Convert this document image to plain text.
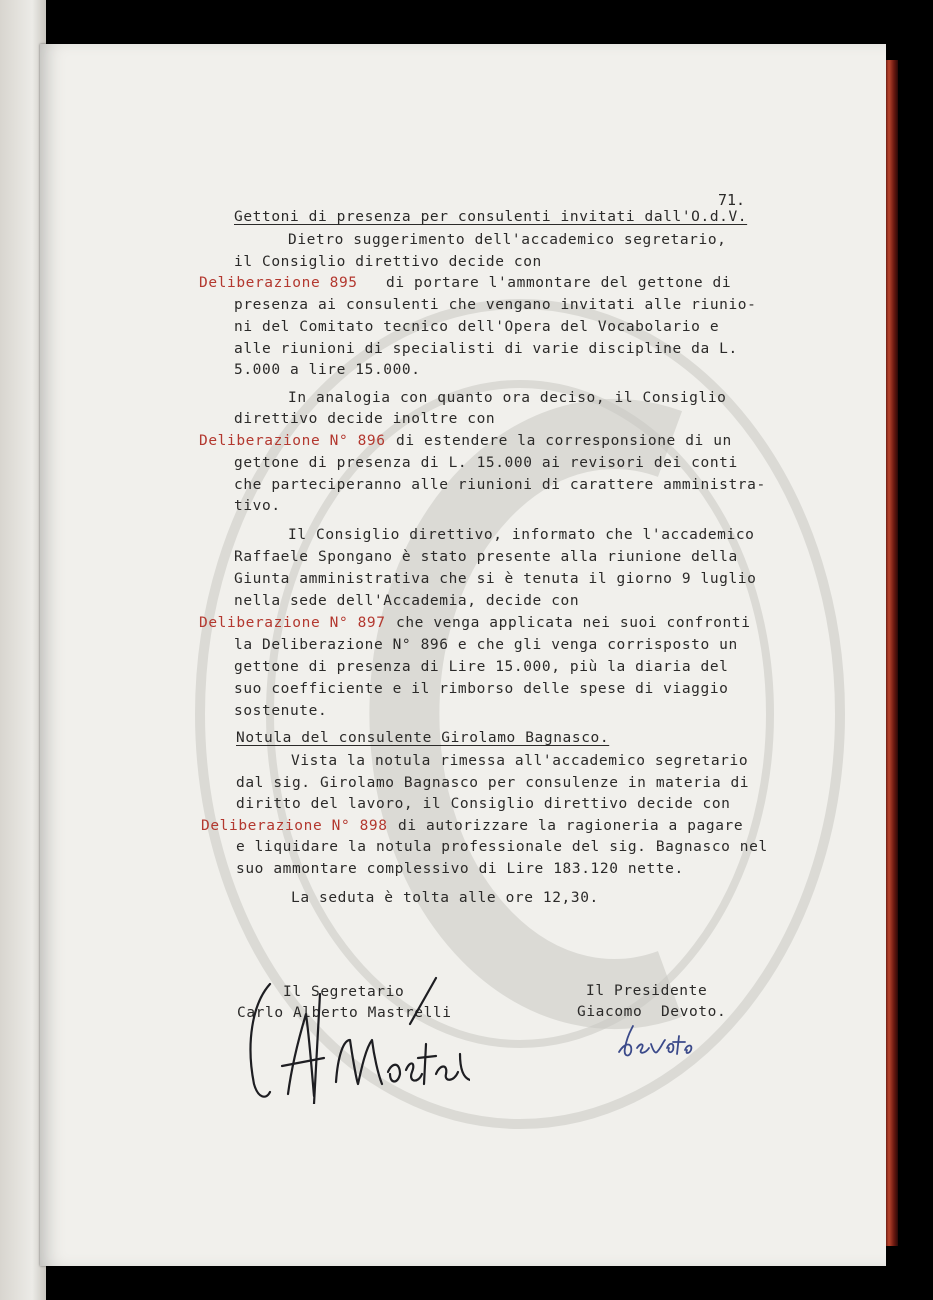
71.
Gettoni di presenza per consulenti invitati dall'O.d.V.
Dietro suggerimento dell'accademico segretario,
il Consiglio direttivo decide con
Deliberazione 895 di portare l'ammontare del gettone di
presenza ai consulenti che vengano invitati alle riunio-
ni del Comitato tecnico dell'Opera del Vocabolario e
alle riunioni di specialisti di varie discipline da L.
5.000 a lire 15.000.
In analogia con quanto ora deciso, il Consiglio
direttivo decide inoltre con
Deliberazione N° 896 di estendere la corresponsione di un
gettone di presenza di L. 15.000 ai revisori dei conti
che parteciperanno alle riunioni di carattere amministra-
tivo.
Il Consiglio direttivo, informato che l'accademico
Raffaele Spongano è stato presente alla riunione della
Giunta amministrativa che si è tenuta il giorno 9 luglio
nella sede dell'Accademia, decide con
Deliberazione N° 897 che venga applicata nei suoi confronti
la Deliberazione N° 896 e che gli venga corrisposto un
gettone di presenza di Lire 15.000, più la diaria del
suo coefficiente e il rimborso delle spese di viaggio
sostenute.
Notula del consulente Girolamo Bagnasco.
Vista la notula rimessa all'accademico segretario
dal sig. Girolamo Bagnasco per consulenze in materia di
diritto del lavoro, il Consiglio direttivo decide con
Deliberazione N° 898 di autorizzare la ragioneria a pagare
e liquidare la notula professionale del sig. Bagnasco nel
suo ammontare complessivo di Lire 183.120 nette.
La seduta è tolta alle ore 12,30.
Il Segretario
Carlo Alberto Mastrelli
Il Presidente
Giacomo  Devoto.
